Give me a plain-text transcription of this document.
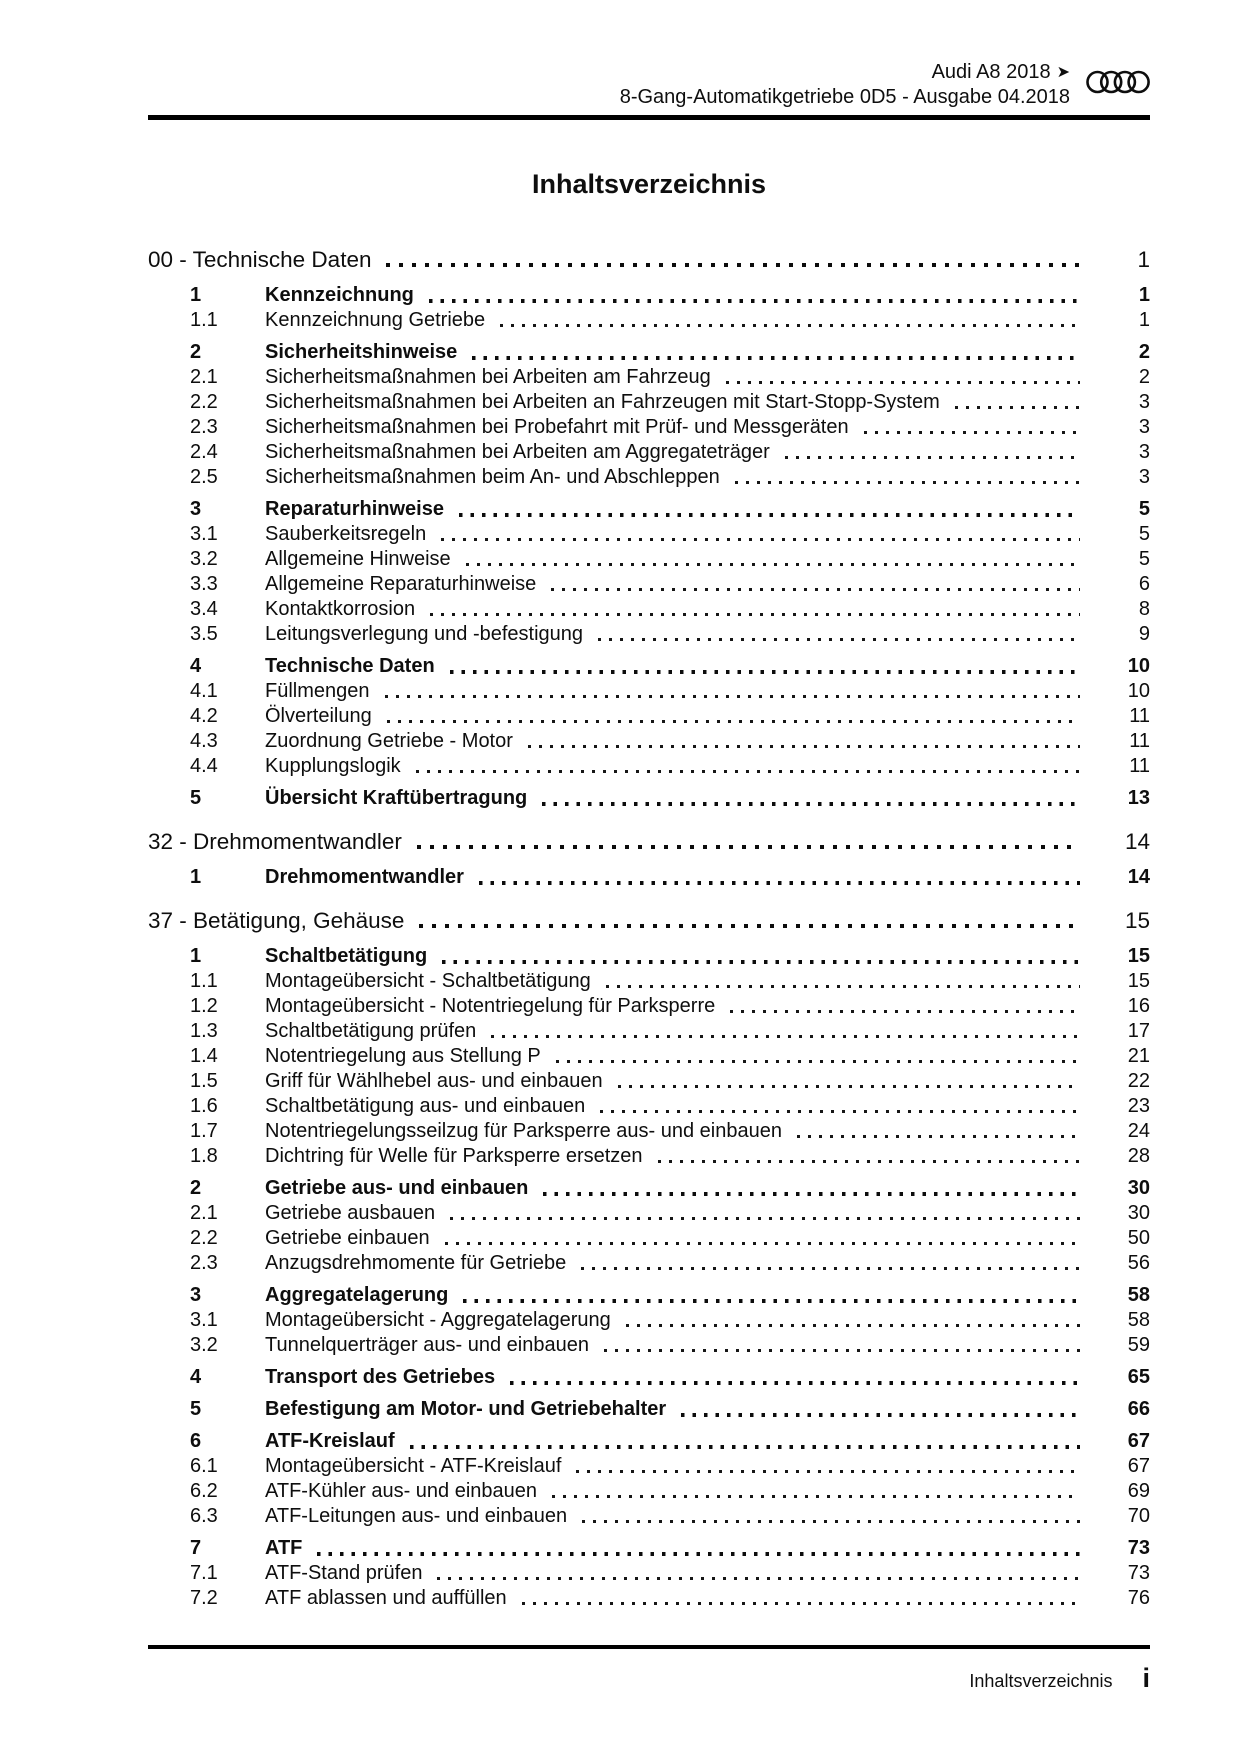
Audi A8 2018 ➤
8-Gang-Automatikgetriebe 0D5 - Ausgabe 04.2018
Inhaltsverzeichnis
00 - Technische Daten	1
1	Kennzeichnung	1
1.1	Kennzeichnung Getriebe	1
2	Sicherheitshinweise	2
2.1	Sicherheitsmaßnahmen bei Arbeiten am Fahrzeug	2
2.2	Sicherheitsmaßnahmen bei Arbeiten an Fahrzeugen mit Start-Stopp-System	3
2.3	Sicherheitsmaßnahmen bei Probefahrt mit Prüf- und Messgeräten	3
2.4	Sicherheitsmaßnahmen bei Arbeiten am Aggregateträger	3
2.5	Sicherheitsmaßnahmen beim An- und Abschleppen	3
3	Reparaturhinweise	5
3.1	Sauberkeitsregeln	5
3.2	Allgemeine Hinweise	5
3.3	Allgemeine Reparaturhinweise	6
3.4	Kontaktkorrosion	8
3.5	Leitungsverlegung und -befestigung	9
4	Technische Daten	10
4.1	Füllmengen	10
4.2	Ölverteilung	11
4.3	Zuordnung Getriebe - Motor	11
4.4	Kupplungslogik	11
5	Übersicht Kraftübertragung	13
32 - Drehmomentwandler	14
1	Drehmomentwandler	14
37 - Betätigung, Gehäuse	15
1	Schaltbetätigung	15
1.1	Montageübersicht - Schaltbetätigung	15
1.2	Montageübersicht - Notentriegelung für Parksperre	16
1.3	Schaltbetätigung prüfen	17
1.4	Notentriegelung aus Stellung P	21
1.5	Griff für Wählhebel aus- und einbauen	22
1.6	Schaltbetätigung aus- und einbauen	23
1.7	Notentriegelungsseilzug für Parksperre aus- und einbauen	24
1.8	Dichtring für Welle für Parksperre ersetzen	28
2	Getriebe aus- und einbauen	30
2.1	Getriebe ausbauen	30
2.2	Getriebe einbauen	50
2.3	Anzugsdrehmomente für Getriebe	56
3	Aggregatelagerung	58
3.1	Montageübersicht - Aggregatelagerung	58
3.2	Tunnelquerträger aus- und einbauen	59
4	Transport des Getriebes	65
5	Befestigung am Motor- und Getriebehalter	66
6	ATF-Kreislauf	67
6.1	Montageübersicht - ATF-Kreislauf	67
6.2	ATF-Kühler aus- und einbauen	69
6.3	ATF-Leitungen aus- und einbauen	70
7	ATF	73
7.1	ATF-Stand prüfen	73
7.2	ATF ablassen und auffüllen	76
Inhaltsverzeichnis i
